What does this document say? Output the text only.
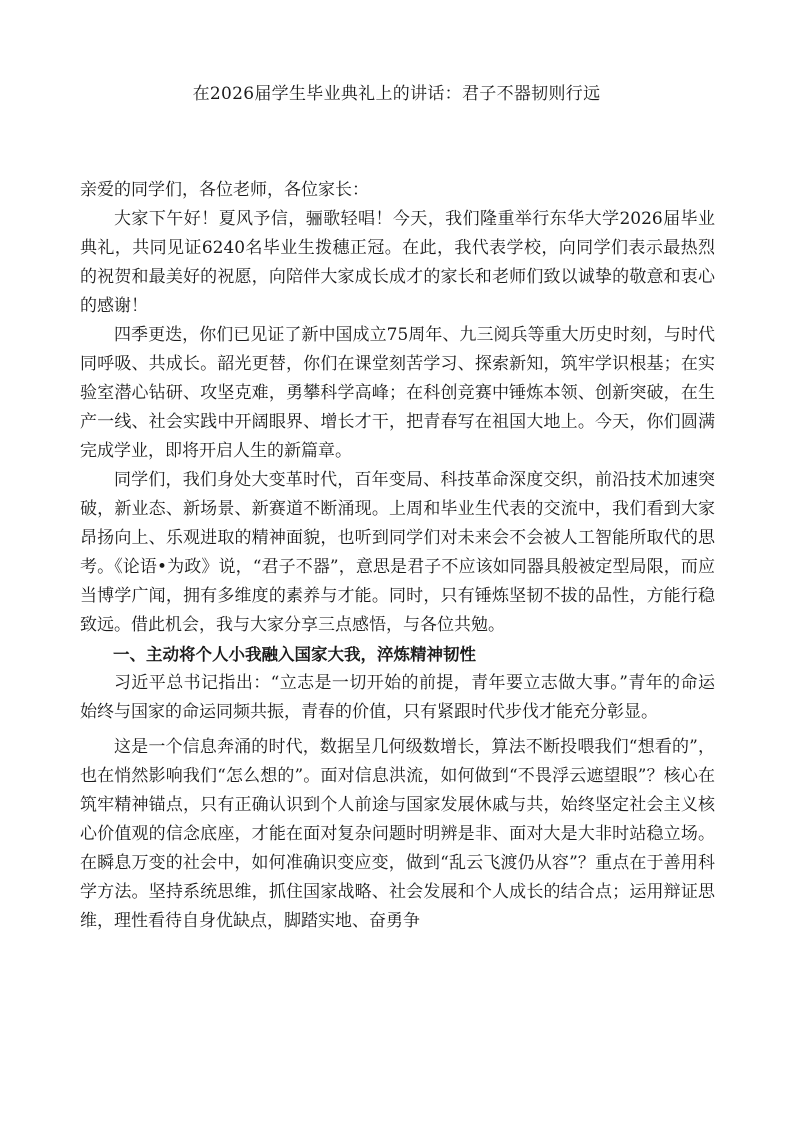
在2026届学生毕业典礼上的讲话：君子不器韧则行远

亲爱的同学们，各位老师，各位家长：

大家下午好！夏风予信，骊歌轻唱！今天，我们隆重举行东华大学2026届毕业典礼，共同见证6240名毕业生拨穗正冠。在此，我代表学校，向同学们表示最热烈的祝贺和最美好的祝愿，向陪伴大家成长成才的家长和老师们致以诚挚的敬意和衷心的感谢！

四季更迭，你们已见证了新中国成立75周年、九三阅兵等重大历史时刻，与时代同呼吸、共成长。韶光更替，你们在课堂刻苦学习、探索新知，筑牢学识根基；在实验室潜心钻研、攻坚克难，勇攀科学高峰；在科创竞赛中锤炼本领、创新突破，在生产一线、社会实践中开阔眼界、增长才干，把青春写在祖国大地上。今天，你们圆满完成学业，即将开启人生的新篇章。

同学们，我们身处大变革时代，百年变局、科技革命深度交织，前沿技术加速突破，新业态、新场景、新赛道不断涌现。上周和毕业生代表的交流中，我们看到大家昂扬向上、乐观进取的精神面貌，也听到同学们对未来会不会被人工智能所取代的思考。《论语•为政》说，“君子不器”，意思是君子不应该如同器具般被定型局限，而应当博学广闻，拥有多维度的素养与才能。同时，只有锤炼坚韧不拔的品性，方能行稳致远。借此机会，我与大家分享三点感悟，与各位共勉。

一、主动将个人小我融入国家大我，淬炼精神韧性

习近平总书记指出：“立志是一切开始的前提，青年要立志做大事。”青年的命运始终与国家的命运同频共振，青春的价值，只有紧跟时代步伐才能充分彰显。

这是一个信息奔涌的时代，数据呈几何级数增长，算法不断投喂我们“想看的”，也在悄然影响我们“怎么想的”。面对信息洪流，如何做到“不畏浮云遮望眼”？核心在筑牢精神锚点，只有正确认识到个人前途与国家发展休戚与共，始终坚定社会主义核心价值观的信念底座，才能在面对复杂问题时明辨是非、面对大是大非时站稳立场。在瞬息万变的社会中，如何准确识变应变，做到“乱云飞渡仍从容”？重点在于善用科学方法。坚持系统思维，抓住国家战略、社会发展和个人成长的结合点；运用辩证思维，理性看待自身优缺点，脚踏实地、奋勇争
